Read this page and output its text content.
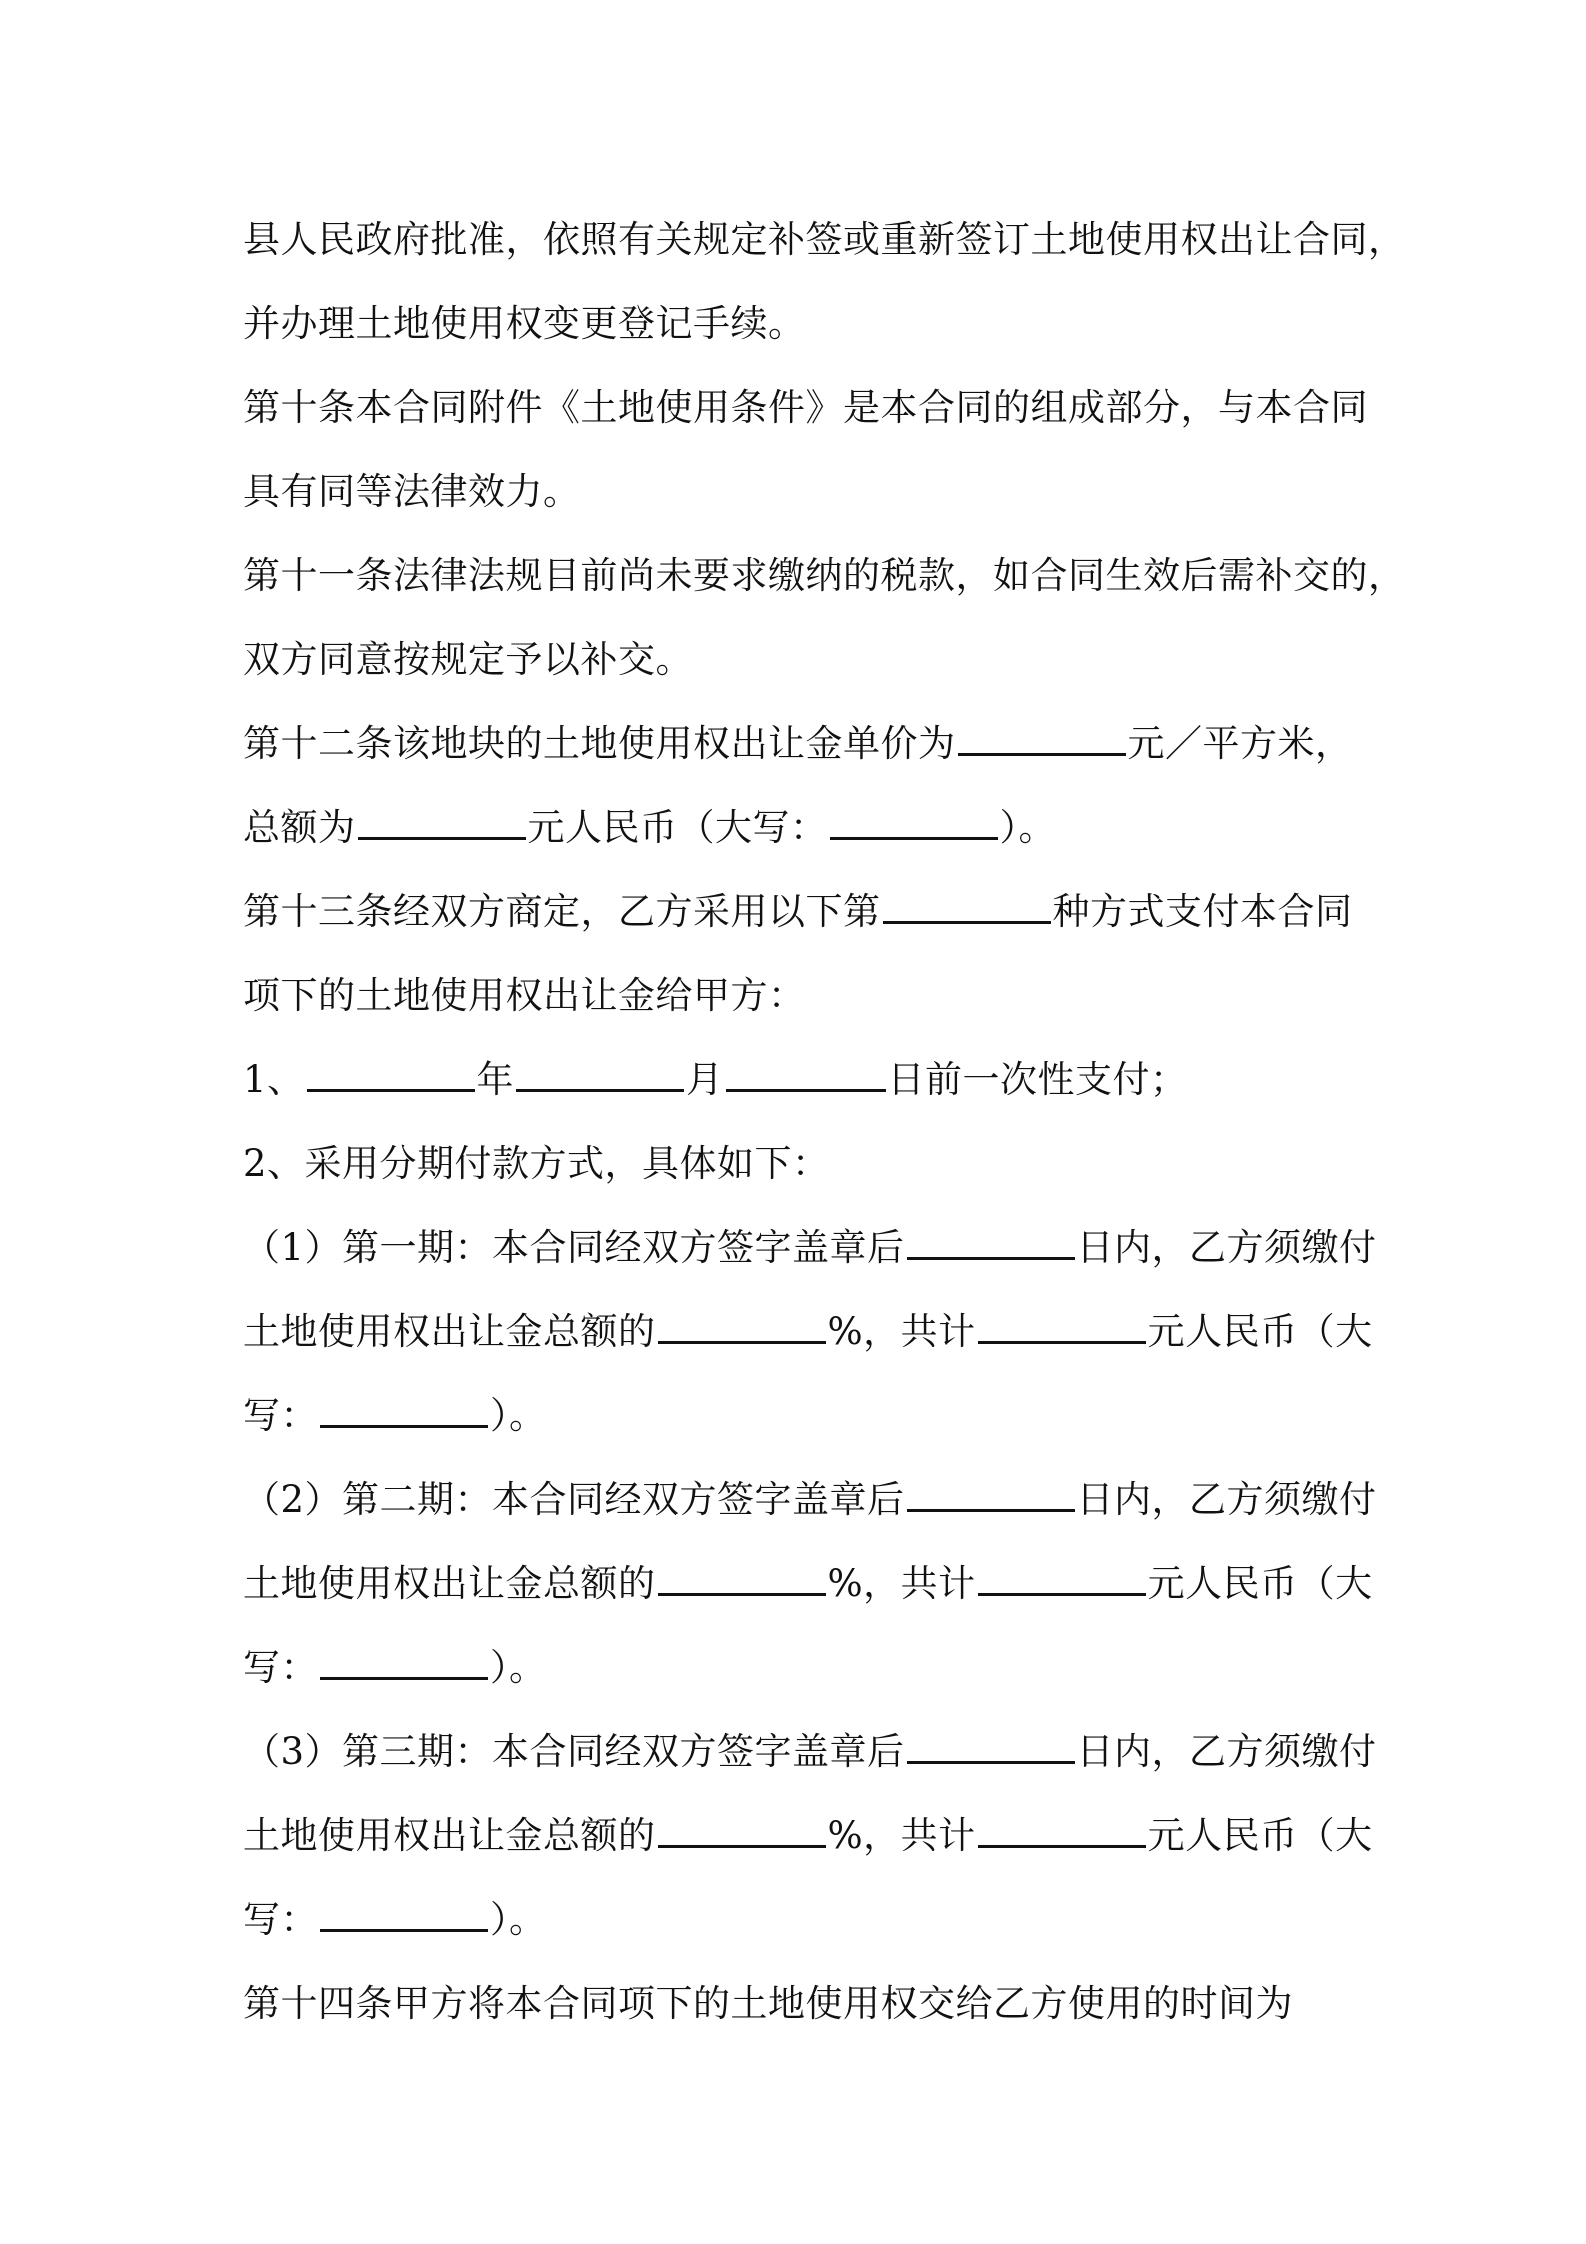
县人民政府批准，依照有关规定补签或重新签订土地使用权出让合同，
并办理土地使用权变更登记手续。
第十条本合同附件《土地使用条件》是本合同的组成部分，与本合同
具有同等法律效力。
第十一条法律法规目前尚未要求缴纳的税款，如合同生效后需补交的，
双方同意按规定予以补交。
第十二条该地块的土地使用权出让金单价为	元／平方米，
总额为	元人民币（大写：	）。
第十三条经双方商定，乙方采用以下第	种方式支付本合同
项下的土地使用权出让金给甲方：
1、	年	月	日前一次性支付；
2、采用分期付款方式，具体如下：
（1）第一期：本合同经双方签字盖章后	日内，乙方须缴付
土地使用权出让金总额的	%，共计	元人民币（大
写：	）。
（2）第二期：本合同经双方签字盖章后	日内，乙方须缴付
土地使用权出让金总额的	%，共计	元人民币（大
写：	）。
（3）第三期：本合同经双方签字盖章后	日内，乙方须缴付
土地使用权出让金总额的	%，共计	元人民币（大
写：	）。
第十四条甲方将本合同项下的土地使用权交给乙方使用的时间为
